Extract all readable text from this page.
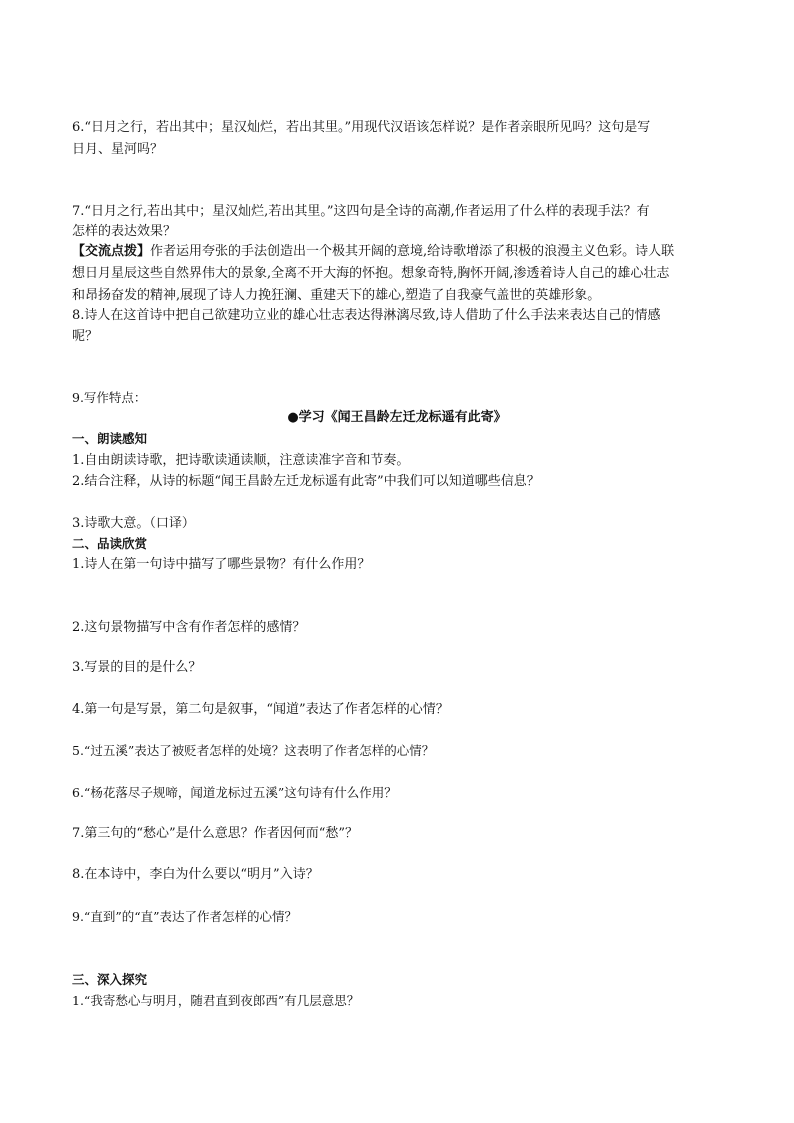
6.“日月之行，若出其中；星汉灿烂，若出其里。”用现代汉语该怎样说？是作者亲眼所见吗？这句是写
日月、星河吗？
7.“日月之行,若出其中；星汉灿烂,若出其里。”这四句是全诗的高潮,作者运用了什么样的表现手法？有
怎样的表达效果？
【交流点拨】作者运用夸张的手法创造出一个极其开阔的意境,给诗歌增添了积极的浪漫主义色彩。诗人联
想日月星辰这些自然界伟大的景象,全离不开大海的怀抱。想象奇特,胸怀开阔,渗透着诗人自己的雄心壮志
和昂扬奋发的精神,展现了诗人力挽狂澜、重建天下的雄心,塑造了自我豪气盖世的英雄形象。
8.诗人在这首诗中把自己欲建功立业的雄心壮志表达得淋漓尽致,诗人借助了什么手法来表达自己的情感
呢？
9.写作特点：
●学习《闻王昌龄左迁龙标遥有此寄》
一、朗读感知
1.自由朗读诗歌，把诗歌读通读顺，注意读准字音和节奏。
2.结合注释，从诗的标题“闻王昌龄左迁龙标遥有此寄”中我们可以知道哪些信息？
3.诗歌大意。（口译）
二、品读欣赏
1.诗人在第一句诗中描写了哪些景物？有什么作用？
2.这句景物描写中含有作者怎样的感情？
3.写景的目的是什么？
4.第一句是写景，第二句是叙事，“闻道”表达了作者怎样的心情？
5.“过五溪”表达了被贬者怎样的处境？这表明了作者怎样的心情？
6.“杨花落尽子规啼，闻道龙标过五溪”这句诗有什么作用？
7.第三句的“愁心”是什么意思？作者因何而“愁”？
8.在本诗中，李白为什么要以“明月”入诗？
9.“直到”的“直”表达了作者怎样的心情？
三、深入探究
1.“我寄愁心与明月，随君直到夜郎西”有几层意思？
